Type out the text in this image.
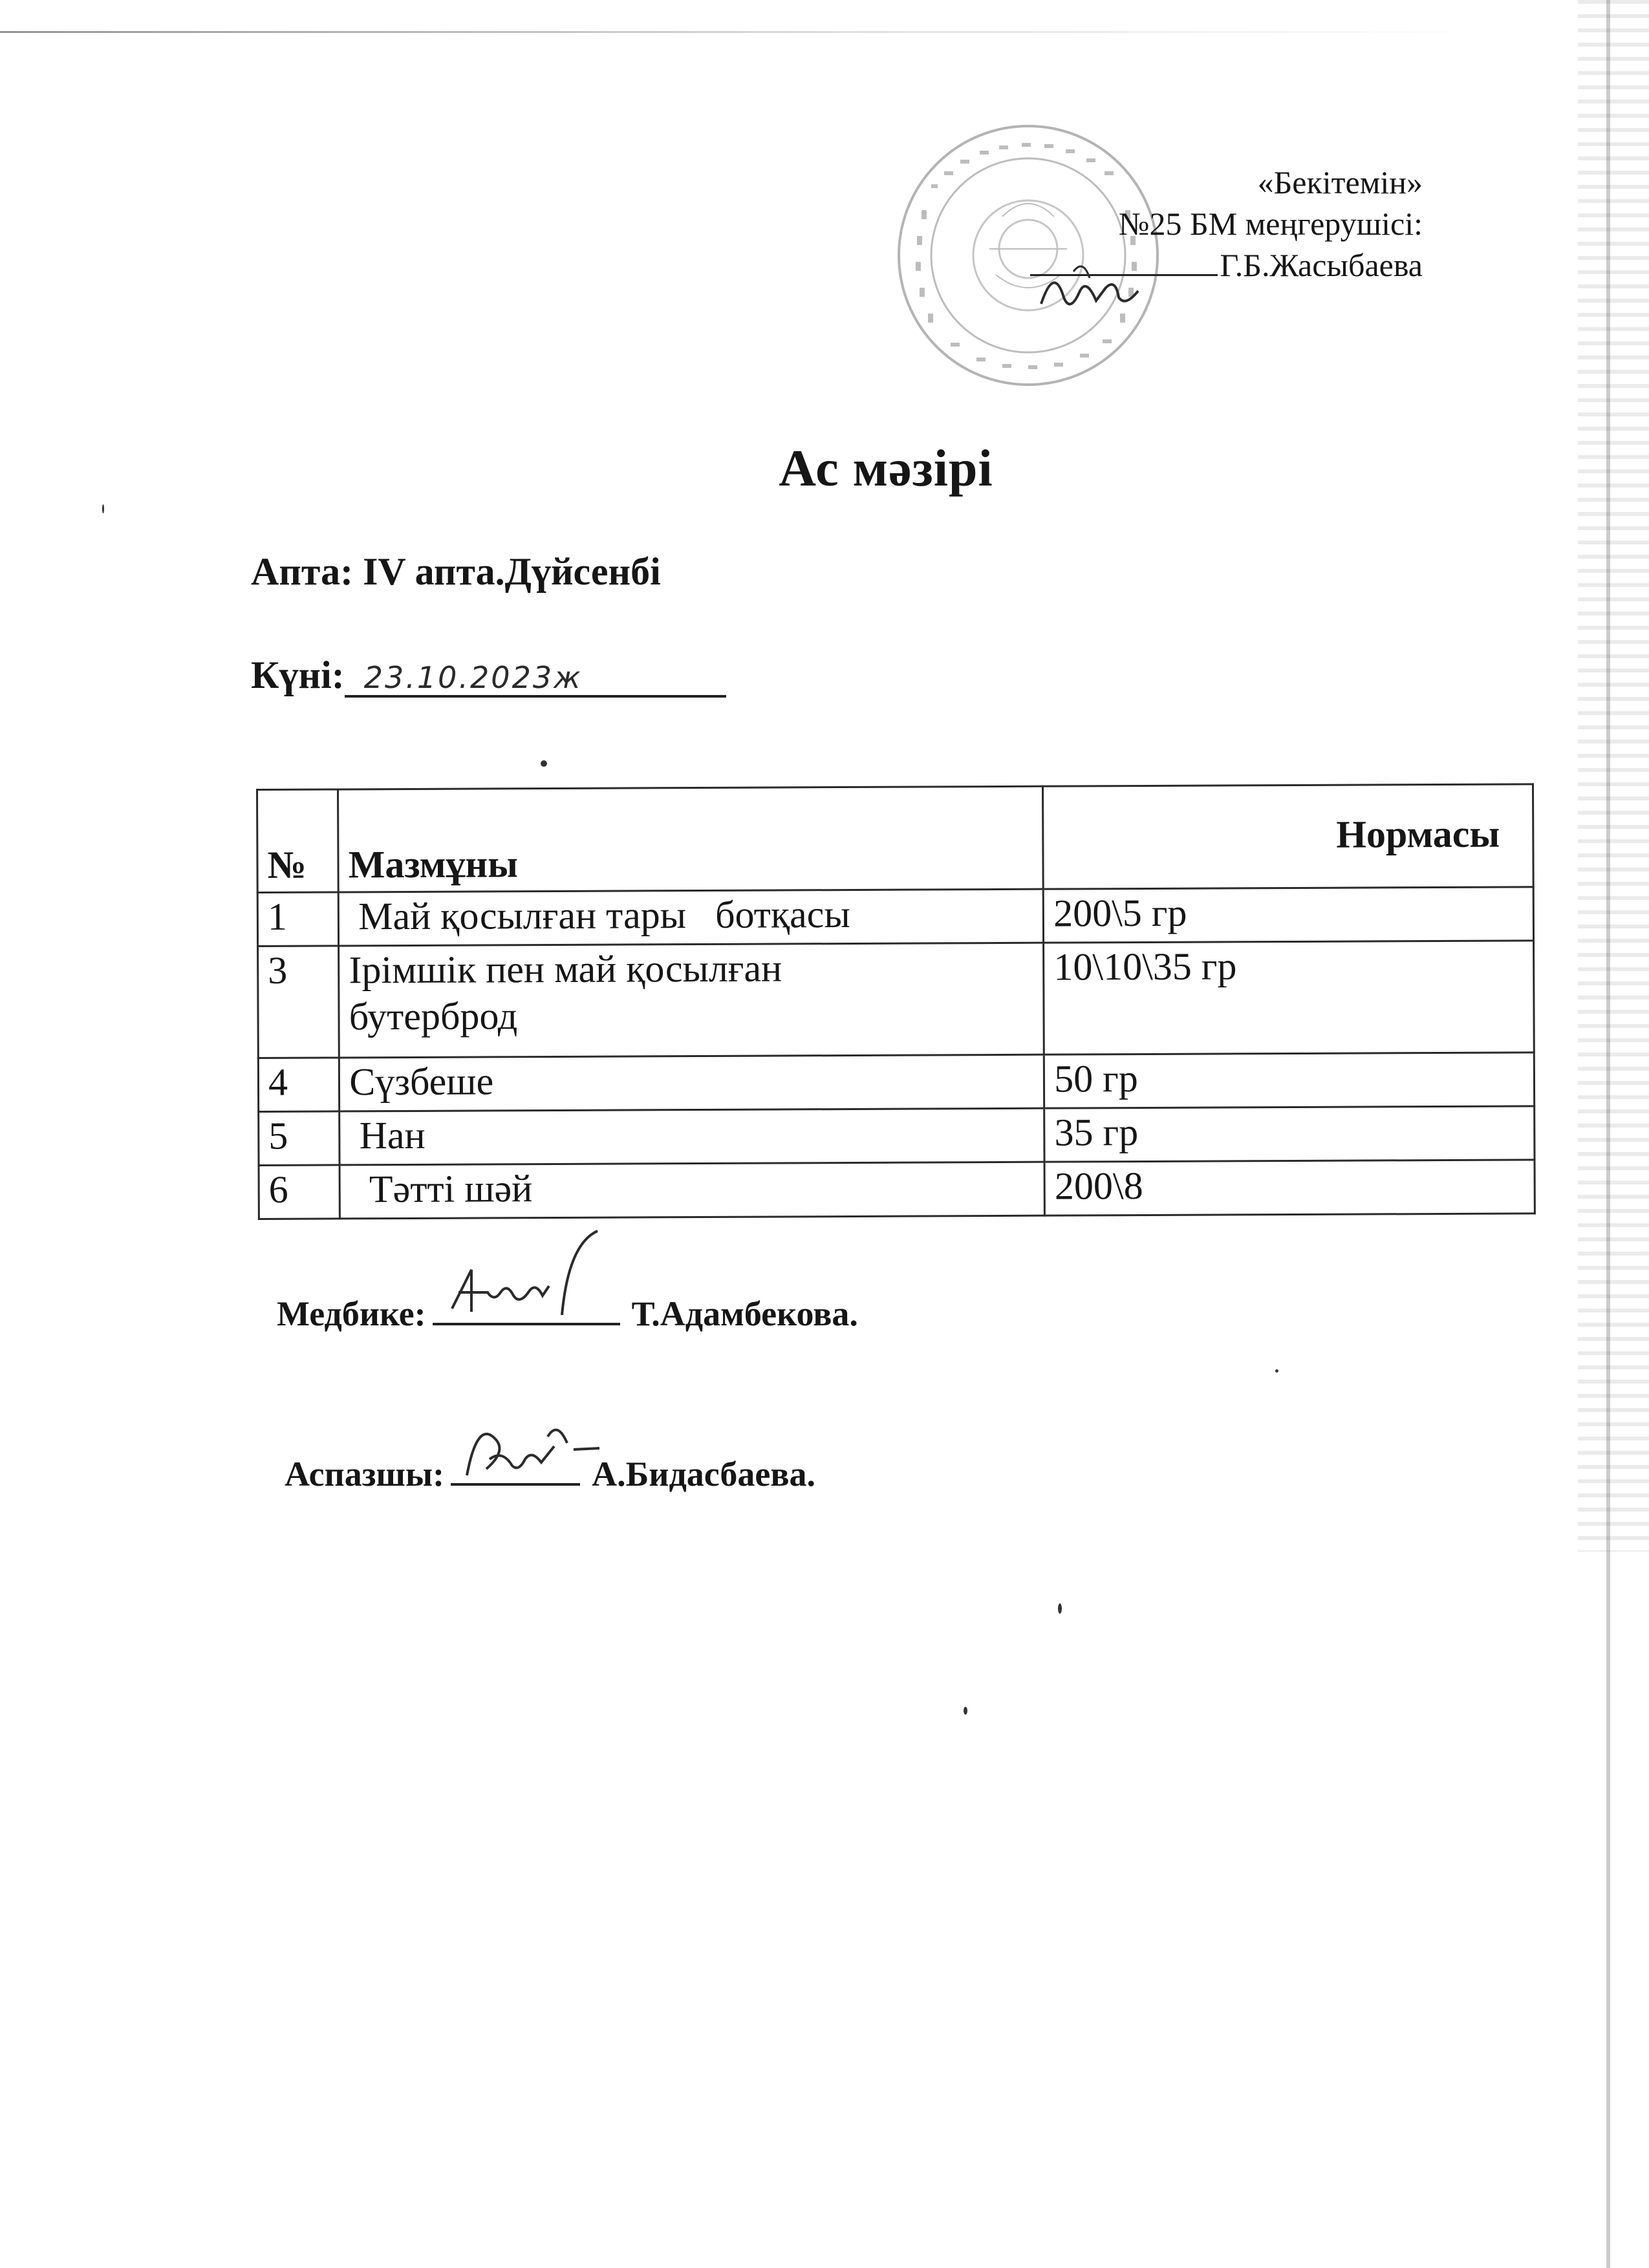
«Бекітемін»
№25 БМ меңгерушісі:
Г.Б.Жасыбаева
Ас мәзірі
Апта: IV апта.Дүйсенбі
Күні: 23.10.2023ж
№	Мазмұны	Нормасы
1	Май қосылған тары   ботқасы	200\5 гр
3	Ірімшік пен май қосылған бутерброд	10\10\35 гр
4	Сүзбеше	50 гр
5	Нан	35 гр
6	Тәтті шәй	200\8
Медбике:	Т.Адамбекова.
Аспазшы:	А.Бидасбаева.
